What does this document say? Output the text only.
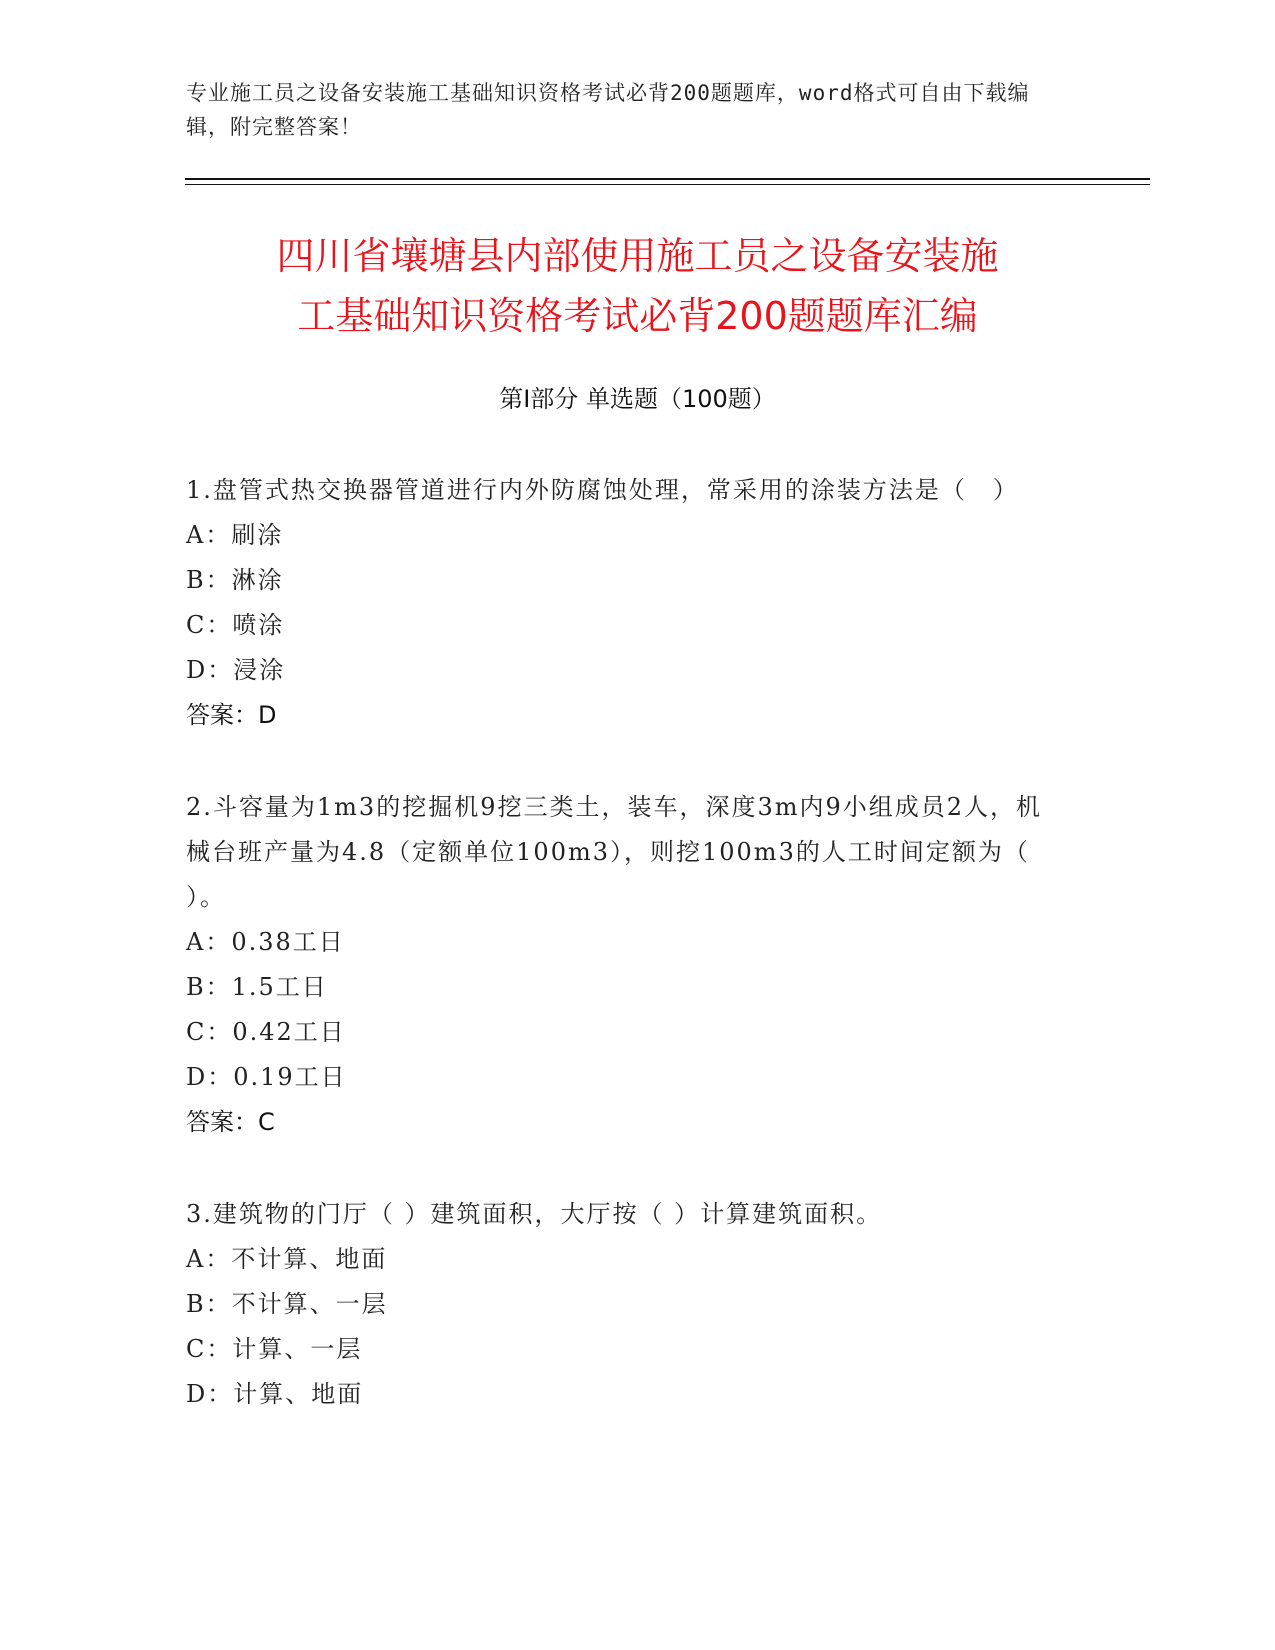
专业施工员之设备安装施工基础知识资格考试必背200题题库，word格式可自由下载编辑，附完整答案！
四川省壤塘县内部使用施工员之设备安装施
工基础知识资格考试必背200题题库汇编
第Ⅰ部分 单选题（100题）
1.盘管式热交换器管道进行内外防腐蚀处理，常采用的涂装方法是（　）
A：刷涂
B：淋涂
C：喷涂
D：浸涂
答案：D
2.斗容量为1m3的挖掘机9挖三类土，装车，深度3m内9小组成员2人，机械台班产量为4.8（定额单位100m3），则挖100m3的人工时间定额为（ ）。
A：0.38工日
B：1.5工日
C：0.42工日
D：0.19工日
答案：C
3.建筑物的门厅（ ）建筑面积，大厅按（ ）计算建筑面积。
A：不计算、地面
B：不计算、一层
C：计算、一层
D：计算、地面
